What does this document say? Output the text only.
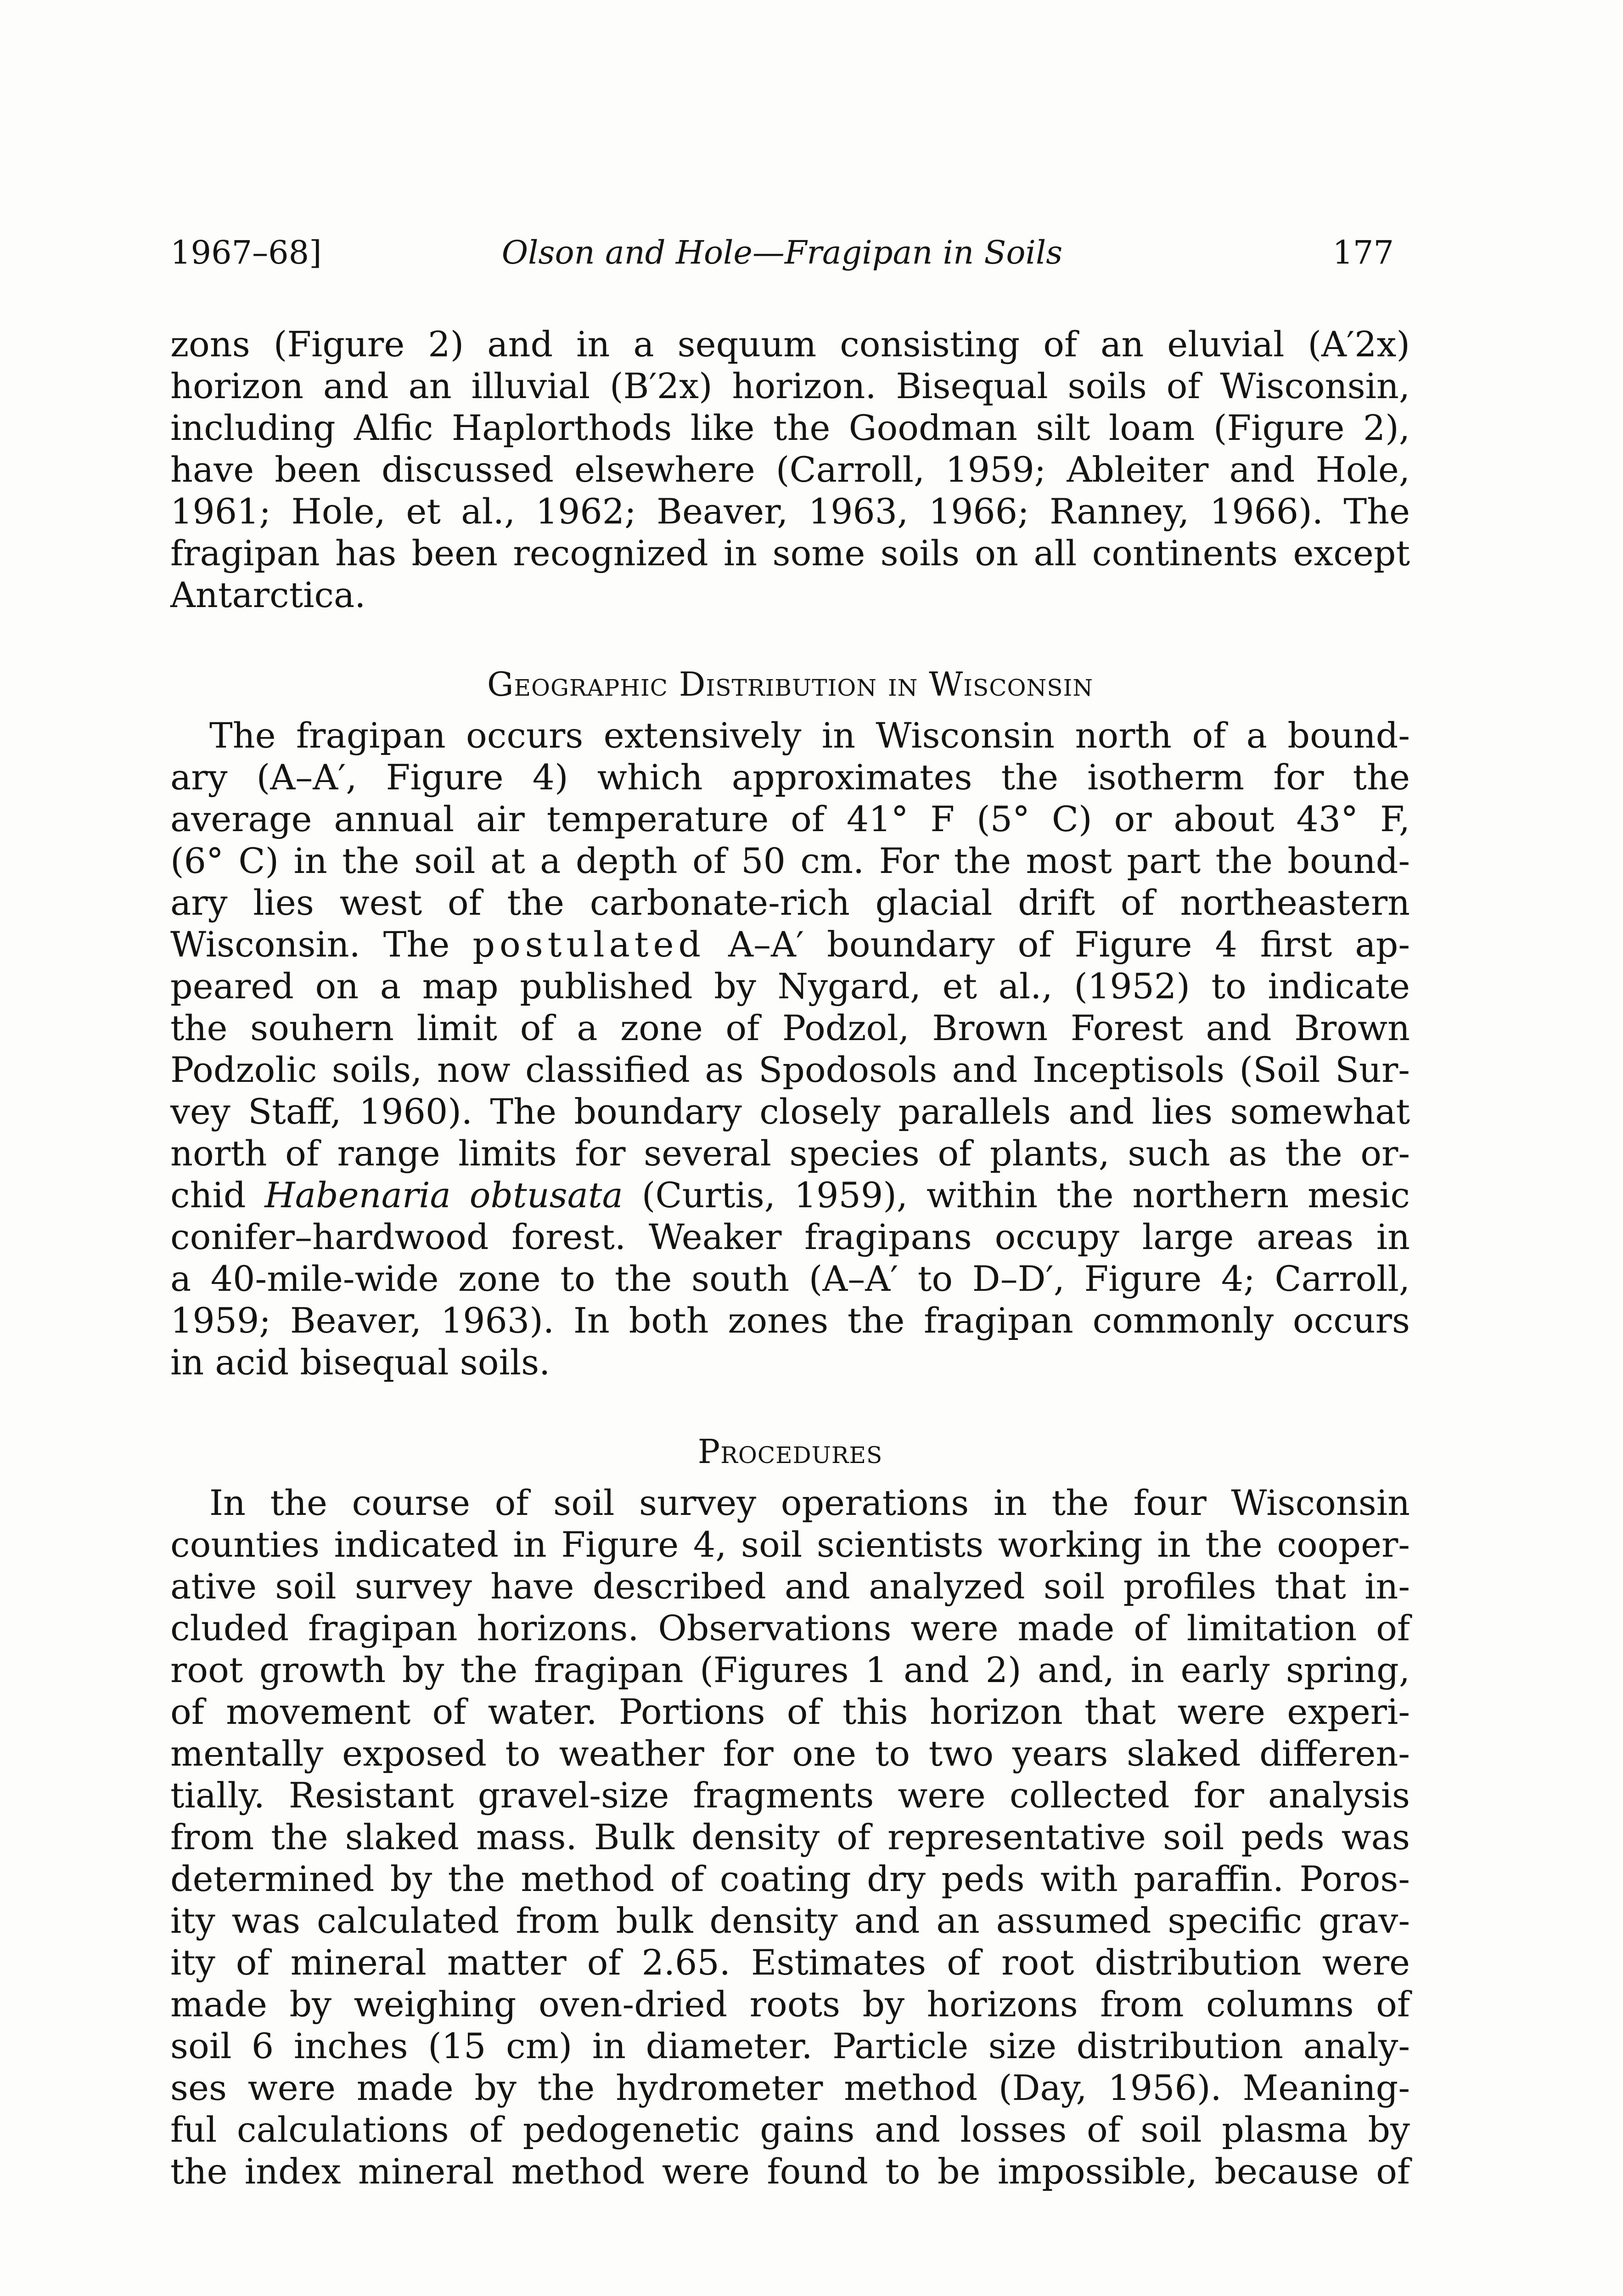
1967–68]	Olson and Hole—Fragipan in Soils	177
zons (Figure 2) and in a sequum consisting of an eluvial (A′2x)
horizon and an illuvial (B′2x) horizon. Bisequal soils of Wisconsin,
including Alfic Haplorthods like the Goodman silt loam (Figure 2),
have been discussed elsewhere (Carroll, 1959; Ableiter and Hole,
1961; Hole, et al., 1962; Beaver, 1963, 1966; Ranney, 1966). The
fragipan has been recognized in some soils on all continents except
Antarctica.
Geographic Distribution in Wisconsin
The fragipan occurs extensively in Wisconsin north of a bound-
ary (A–A′, Figure 4) which approximates the isotherm for the
average annual air temperature of 41° F (5° C) or about 43° F,
(6° C) in the soil at a depth of 50 cm. For the most part the bound-
ary lies west of the carbonate-rich glacial drift of northeastern
Wisconsin. The postulated A–A′ boundary of Figure 4 first ap-
peared on a map published by Nygard, et al., (1952) to indicate
the souhern limit of a zone of Podzol, Brown Forest and Brown
Podzolic soils, now classified as Spodosols and Inceptisols (Soil Sur-
vey Staff, 1960). The boundary closely parallels and lies somewhat
north of range limits for several species of plants, such as the or-
chid Habenaria obtusata (Curtis, 1959), within the northern mesic
conifer–hardwood forest. Weaker fragipans occupy large areas in
a 40-mile-wide zone to the south (A–A′ to D–D′, Figure 4; Carroll,
1959; Beaver, 1963). In both zones the fragipan commonly occurs
in acid bisequal soils.
Procedures
In the course of soil survey operations in the four Wisconsin
counties indicated in Figure 4, soil scientists working in the cooper-
ative soil survey have described and analyzed soil profiles that in-
cluded fragipan horizons. Observations were made of limitation of
root growth by the fragipan (Figures 1 and 2) and, in early spring,
of movement of water. Portions of this horizon that were experi-
mentally exposed to weather for one to two years slaked differen-
tially. Resistant gravel-size fragments were collected for analysis
from the slaked mass. Bulk density of representative soil peds was
determined by the method of coating dry peds with paraffin. Poros-
ity was calculated from bulk density and an assumed specific grav-
ity of mineral matter of 2.65. Estimates of root distribution were
made by weighing oven-dried roots by horizons from columns of
soil 6 inches (15 cm) in diameter. Particle size distribution analy-
ses were made by the hydrometer method (Day, 1956). Meaning-
ful calculations of pedogenetic gains and losses of soil plasma by
the index mineral method were found to be impossible, because of
